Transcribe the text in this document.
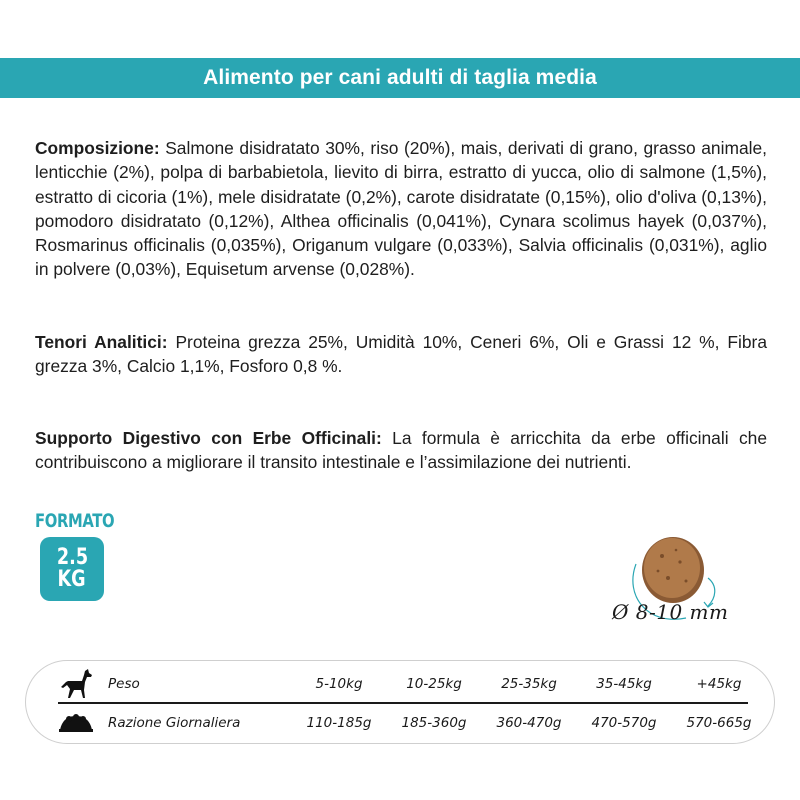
Alimento per cani adulti di taglia media
Composizione: Salmone disidratato 30%, riso (20%), mais, derivati di grano, grasso animale, lenticchie (2%), polpa di barbabietola, lievito di birra, estratto di yucca, olio di salmone (1,5%), estratto di cicoria (1%), mele disidratate (0,2%), carote disidratate (0,15%), olio d'oliva (0,13%), pomodoro disidratato (0,12%), Althea officinalis (0,041%), Cynara scolimus hayek (0,037%), Rosmarinus officinalis (0,035%), Origanum vulgare (0,033%), Salvia officinalis (0,031%), aglio in polvere (0,03%), Equisetum arvense (0,028%).
Tenori Analitici: Proteina grezza 25%, Umidità 10%, Ceneri 6%, Oli e Grassi 12 %, Fibra grezza 3%, Calcio 1,1%, Fosforo 0,8 %.
Supporto Digestivo con Erbe Officinali: La formula è arricchita da erbe officinali che contribuiscono a migliorare il transito intestinale e l’assimilazione dei nutrienti.
FORMATO
2.5
KG
Ø 8-10 mm
Peso	5-10kg	10-25kg	25-35kg	35-45kg	+45kg
Razione Giornaliera	110-185g	185-360g	360-470g	470-570g	570-665g
